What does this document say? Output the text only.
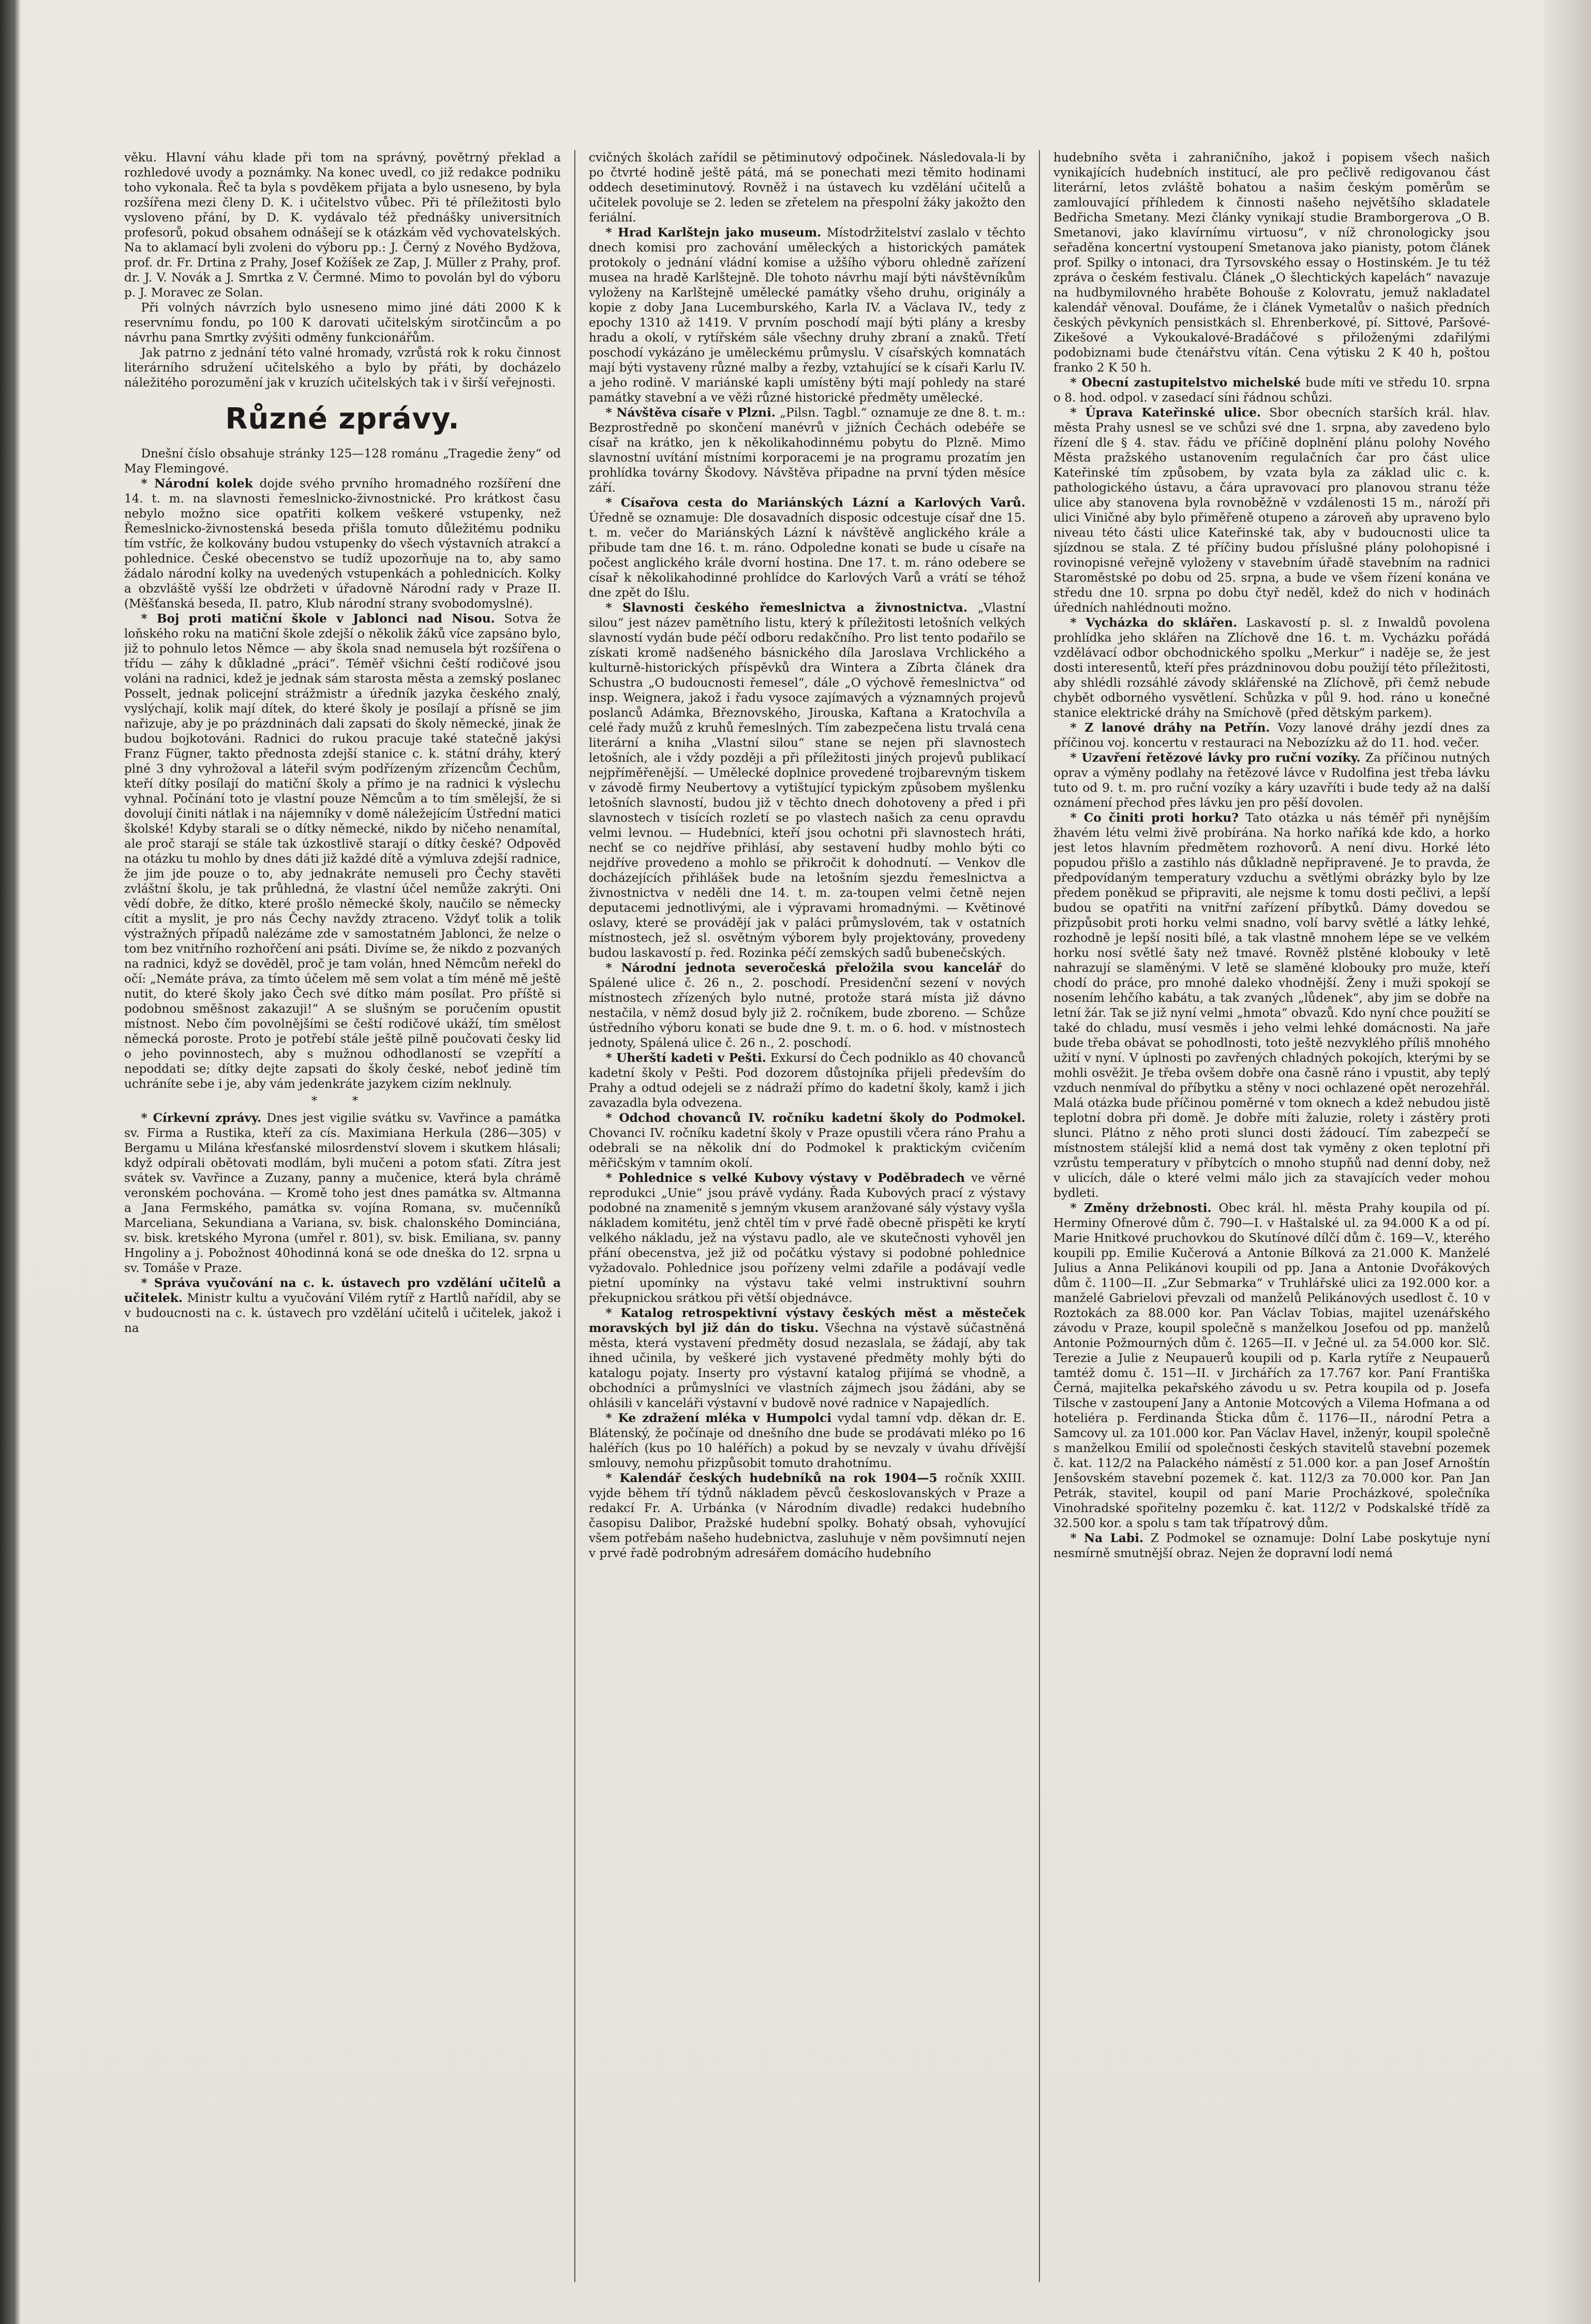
věku. Hlavní váhu klade při tom na správný, povětrný překlad a rozhledové uvody a poznámky. Na konec uvedl, co již redakce podniku toho vykonala. Řeč ta byla s povděkem přijata a bylo usneseno, by byla rozšířena mezi členy D. K. i učitelstvo vůbec. Při té příležitosti bylo vysloveno přání, by D. K. vydávalo též přednášky universitních profesorů, pokud obsahem odnášejí se k otázkám věd vychovatelských. Na to aklamací byli zvoleni do výboru pp.: J. Černý z Nového Bydžova, prof. dr. Fr. Drtina z Prahy, Josef Kožíšek ze Zap, J. Müller z Prahy, prof. dr. J. V. Novák a J. Smrtka z V. Čermné. Mimo to povolán byl do výboru p. J. Moravec ze Solan.

Při volných návrzích bylo usneseno mimo jiné dáti 2000 K k reservnímu fondu, po 100 K darovati učitelským sirotčincům a po návrhu pana Smrtky zvýšiti odměny funkcionářům.

Jak patrno z jednání této valné hromady, vzrůstá rok k roku činnost literárního sdružení učitelského a bylo by přáti, by docházelo náležitého porozumění jak v kruzích učitelských tak i v širší veřejnosti.

Různé zprávy.

Dnešní číslo obsahuje stránky 125—128 románu „Tragedie ženy“ od May Flemingové.

* Národní kolek dojde svého prvního hromadného rozšíření dne 14. t. m. na slavnosti řemeslnicko-živnostnické. Pro krátkost času nebylo možno sice opatřiti kolkem veškeré vstupenky, než Řemeslnicko-živnostenská beseda přišla tomuto důležitému podniku tím vstříc, že kolkovány budou vstupenky do všech výstavních atrakcí a pohlednice. České obecenstvo se tudíž upozorňuje na to, aby samo žádalo národní kolky na uvedených vstupenkách a pohlednicích. Kolky a obzvláště vyšší lze obdržeti v úřadovně Národní rady v Praze II. (Měšťanská beseda, II. patro, Klub národní strany svobodomyslné).

* Boj proti matiční škole v Jablonci nad Nisou. Sotva že loňského roku na matiční škole zdejší o několik žáků více zapsáno bylo, již to pohnulo letos Němce — aby škola snad nemusela být rozšířena o třídu — záhy k důkladné „práci“. Téměř všichni čeští rodičové jsou voláni na radnici, kdež je jednak sám starosta města a zemský poslanec Posselt, jednak policejní strážmistr a úředník jazyka českého znalý, vyslýchají, kolik mají dítek, do které školy je posílají a přísně se jim nařizuje, aby je po prázdninách dali zapsati do školy německé, jinak že budou bojkotováni. Radnici do rukou pracuje také statečně jakýsi Franz Fügner, takto přednosta zdejší stanice c. k. státní dráhy, který plné 3 dny vyhrožoval a láteřil svým podřízeným zřízencům Čechům, kteří dítky posílají do matiční školy a přímo je na radnici k výslechu vyhnal. Počínání toto je vlastní pouze Němcům a to tím smělejší, že si dovolují činiti nátlak i na nájemníky v domě náležejícím Ústřední matici školské! Kdyby starali se o dítky německé, nikdo by ničeho nenamítal, ale proč starají se stále tak úzkostlivě starají o dítky české? Odpověď na otázku tu mohlo by dnes dáti již každé dítě a výmluva zdejší radnice, že jim jde pouze o to, aby jednakráte nemuseli pro Čechy stavěti zvláštní školu, je tak průhledná, že vlastní účel nemůže zakrýti. Oni vědí dobře, že dítko, které prošlo německé školy, naučilo se německy cítit a myslit, je pro nás Čechy navždy ztraceno. Vždyť tolik a tolik výstražných případů nalézáme zde v samostatném Jablonci, že nelze o tom bez vnitřního rozhořčení ani psáti. Divíme se, že nikdo z pozvaných na radnici, když se dověděl, proč je tam volán, hned Němcům neřekl do očí: „Nemáte práva, za tímto účelem mě sem volat a tím méně mě ještě nutit, do které školy jako Čech své dítko mám posílat. Pro příště si podobnou směšnost zakazuji!“ A se slušným se poručením opustit místnost. Nebo čím povolnějšími se čeští rodičové ukáží, tím smělost německá poroste. Proto je potřebí stále ještě pilně poučovati česky lid o jeho povinnostech, aby s mužnou odhodlaností se vzepřítí a nepoddati se; dítky dejte zapsati do školy české, neboť jedině tím uchráníte sebe i je, aby vám jedenkráte jazykem cizím neklnuly.

* *

* Církevní zprávy. Dnes jest vigilie svátku sv. Vavřince a památka sv. Firma a Rustika, kteří za cís. Maximiana Herkula (286—305) v Bergamu u Milána křesťanské milosrdenství slovem i skutkem hlásali; když odpírali obětovati modlám, byli mučeni a potom sťati. Zítra jest svátek sv. Vavřince a Zuzany, panny a mučenice, která byla chrámě veronském pochována. — Kromě toho jest dnes památka sv. Altmanna a Jana Fermského, památka sv. vojína Romana, sv. mučenníků Marceliana, Sekundiana a Variana, sv. bisk. chalonského Dominciána, sv. bisk. kretského Myrona (umřel r. 801), sv. bisk. Emiliana, sv. panny Hngoliny a j. Pobožnost 40hodinná koná se ode dneška do 12. srpna u sv. Tomáše v Praze.

* Správa vyučování na c. k. ústavech pro vzdělání učitelů a učitelek. Ministr kultu a vyučování Vilém rytíř z Hartlů nařídil, aby se v budoucnosti na c. k. ústavech pro vzdělání učitelů i učitelek, jakož i na

cvičných školách zařídil se pětiminutový odpočinek. Následovala-li by po čtvrté hodině ještě pátá, má se ponechati mezi těmito hodinami oddech desetiminutový. Rovněž i na ústavech ku vzdělání učitelů a učitelek povoluje se 2. leden se zřetelem na přespolní žáky jakožto den feriální.

* Hrad Karlštejn jako museum. Místodržitelství zaslalo v těchto dnech komisi pro zachování uměleckých a historických památek protokoly o jednání vládní komise a užšího výboru ohledně zařízení musea na hradě Karlštejně. Dle tohoto návrhu mají býti návštěvníkům vyloženy na Karlštejně umělecké památky všeho druhu, originály a kopie z doby Jana Lucemburského, Karla IV. a Václava IV., tedy z epochy 1310 až 1419. V prvním poschodí mají býti plány a kresby hradu a okolí, v rytířském sále všechny druhy zbraní a znaků. Třetí poschodí vykázáno je uměleckému průmyslu. V císařských komnatách mají býti vystaveny různé malby a řezby, vztahující se k císaři Karlu IV. a jeho rodině. V mariánské kapli umístěny býti mají pohledy na staré památky stavební a ve věži různé historické předměty umělecké.

* Návštěva císaře v Plzni. „Pilsn. Tagbl.“ oznamuje ze dne 8. t. m.: Bezprostředně po skončení manévrů v jižních Čechách odebéře se císař na krátko, jen k několikahodinnému pobytu do Plzně. Mimo slavnostní uvítání místními korporacemi je na programu prozatím jen prohlídka továrny Škodovy. Návštěva připadne na první týden měsíce září.

* Císařova cesta do Mariánských Lázní a Karlových Varů. Úředně se oznamuje: Dle dosavadních disposic odcestuje císař dne 15. t. m. večer do Mariánských Lázní k návštěvě anglického krále a přibude tam dne 16. t. m. ráno. Odpoledne konati se bude u císaře na počest anglického krále dvorní hostina. Dne 17. t. m. ráno odebere se císař k několikahodinné prohlídce do Karlových Varů a vrátí se téhož dne zpět do Išlu.

* Slavnosti českého řemeslnictva a živnostnictva. „Vlastní silou“ jest název pamětního listu, který k příležitosti letošních velkých slavností vydán bude péčí odboru redakčního. Pro list tento podařilo se získati kromě nadšeného básnického díla Jaroslava Vrchlického a kulturně-historických příspěvků dra Wintera a Zíbrta článek dra Schustra „O budoucnosti řemesel“, dále „O výchově řemeslnictva“ od insp. Weignera, jakož i řadu vysoce zajímavých a významných projevů poslanců Adámka, Březnovského, Jirouska, Kaftana a Kratochvíla a celé řady mužů z kruhů řemeslných. Tím zabezpečena listu trvalá cena literární a kniha „Vlastní silou“ stane se nejen při slavnostech letošních, ale i vždy později a při příležitosti jiných projevů publikací nejpříměřenější. — Umělecké doplnice provedené trojbarevným tiskem v závodě firmy Neubertovy a vytištující typickým způsobem myšlenku letošních slavností, budou již v těchto dnech dohotoveny a před i při slavnostech v tisících rozletí se po vlastech našich za cenu opravdu velmi levnou. — Hudebníci, kteří jsou ochotni při slavnostech hráti, nechť se co nejdříve přihlásí, aby sestavení hudby mohlo býti co nejdříve provedeno a mohlo se přikročit k dohodnutí. — Venkov dle docházejících přihlášek bude na letošním sjezdu řemeslnictva a živnostnictva v neděli dne 14. t. m. za-toupen velmi četně nejen deputacemi jednotlivými, ale i výpravami hromadnými. — Květinové oslavy, které se provádějí jak v paláci průmyslovém, tak v ostatních místnostech, jež sl. osvětným výborem byly projektovány, provedeny budou laskavostí p. řed. Rozinka péčí zemských sadů bubenečských.

* Národní jednota severočeská přeložila svou kancelář do Spálené ulice č. 26 n., 2. poschodí. Presidenční sezení v nových místnostech zřízených bylo nutné, protože stará místa již dávno nestačila, v němž dosud byly již 2. ročníkem, bude zboreno. — Schůze ústředního výboru konati se bude dne 9. t. m. o 6. hod. v místnostech jednoty, Spálená ulice č. 26 n., 2. poschodí.

* Uherští kadeti v Pešti. Exkursí do Čech podniklo as 40 chovanců kadetní školy v Pešti. Pod dozorem důstojníka přijeli především do Prahy a odtud odejeli se z nádraží přímo do kadetní školy, kamž i jich zavazadla byla odvezena.

* Odchod chovanců IV. ročníku kadetní školy do Podmokel. Chovanci IV. ročníku kadetní školy v Praze opustili včera ráno Prahu a odebrali se na několik dní do Podmokel k praktickým cvičením měřičským v tamním okolí.

* Pohlednice s velké Kubovy výstavy v Poděbradech ve věrné reprodukci „Unie“ jsou právě vydány. Řada Kubových prací z výstavy podobné na znamenitě s jemným vkusem aranžované sály výstavy vyšla nákladem komitétu, jenž chtěl tím v prvé řadě obecně přispěti ke krytí velkého nákladu, jež na výstavu padlo, ale ve skutečnosti vyhověl jen přání obecenstva, jež již od počátku výstavy si podobné pohlednice vyžadovalo. Pohlednice jsou pořízeny velmi zdařile a podávají vedle pietní upomínky na výstavu také velmi instruktivní souhrn překupnickou srátkou při větší objednávce.

* Katalog retrospektivní výstavy českých měst a městeček moravských byl již dán do tisku. Všechna na výstavě súčastněná města, která vystavení předměty dosud nezaslala, se žádají, aby tak ihned učinila, by veškeré jich vystavené předměty mohly býti do katalogu pojaty. Inserty pro výstavní katalog přijímá se vhodně, a obchodníci a průmyslníci ve vlastních zájmech jsou žádáni, aby se ohlásili v kanceláři výstavní v budově nové radnice v Napajedlích.

* Ke zdražení mléka v Humpolci vydal tamní vdp. děkan dr. E. Blátenský, že počínaje od dnešního dne bude se prodávati mléko po 16 haléřích (kus po 10 haléřích) a pokud by se nevzaly v úvahu dřívější smlouvy, nemohu přizpůsobit tomuto drahotnímu.

* Kalendář českých hudebníků na rok 1904—5 ročník XXIII. vyjde během tří týdnů nákladem pěvců českoslovanských v Praze a redakcí Fr. A. Urbánka (v Národním divadle) redakci hudebního časopisu Dalibor, Pražské hudební spolky. Bohatý obsah, vyhovující všem potřebám našeho hudebnictva, zasluhuje v něm povšimnutí nejen v prvé řadě podrobným adresářem domácího hudebního

hudebního světa i zahraničního, jakož i popisem všech našich vynikajících hudebních institucí, ale pro pečlivě redigovanou část literární, letos zvláště bohatou a našim českým poměrům se zamlouvající příhledem k činnosti našeho největšího skladatele Bedřicha Smetany. Mezi články vynikají studie Bramborgerova „O B. Smetanovi, jako klavírnímu virtuosu“, v níž chronologicky jsou seřaděna koncertní vystoupení Smetanova jako pianisty, potom článek prof. Spilky o intonaci, dra Tyrsovského essay o Hostinském. Je tu též zpráva o českém festivalu. Článek „O šlechtických kapelách“ navazuje na hudbymilovného hraběte Bohouše z Kolovratu, jemuž nakladatel kalendář věnoval. Doufáme, že i článek Vymetalův o našich předních českých pěvkyních pensistkách sl. Ehrenberkové, pí. Sittové, Paršové-Zikešové a Vykoukalové-Bradáčové s přiloženými zdařilými podobiznami bude čtenářstvu vítán. Cena výtisku 2 K 40 h, poštou franko 2 K 50 h.

* Obecní zastupitelstvo michelské bude míti ve středu 10. srpna o 8. hod. odpol. v zasedací síni řádnou schůzi.

* Úprava Kateřinské ulice. Sbor obecních starších král. hlav. města Prahy usnesl se ve schůzi své dne 1. srpna, aby zavedeno bylo řízení dle § 4. stav. řádu ve příčině doplnění plánu polohy Nového Města pražského ustanovením regulačních čar pro část ulice Kateřinské tím způsobem, by vzata byla za základ ulic c. k. pathologického ústavu, a čára upravovací pro planovou stranu téže ulice aby stanovena byla rovnoběžně v vzdálenosti 15 m., nároží při ulici Viničné aby bylo přiměřeně otupeno a zároveň aby upraveno bylo niveau této části ulice Kateřinské tak, aby v budoucnosti ulice ta sjízdnou se stala. Z té příčiny budou příslušné plány polohopisné i rovinopisné veřejně vyloženy v stavebním úřadě stavebním na radnici Staroměstské po dobu od 25. srpna, a bude ve všem řízení konána ve středu dne 10. srpna po dobu čtyř neděl, kdež do nich v hodinách úředních nahlédnouti možno.

* Vycházka do sklářen. Laskavostí p. sl. z Inwaldů povolena prohlídka jeho sklářen na Zlíchově dne 16. t. m. Vycházku pořádá vzdělávací odbor obchodnického spolku „Merkur“ i naděje se, že jest dosti interesentů, kteří přes prázdninovou dobu použijí této příležitosti, aby shlédli rozsáhlé závody sklářenské na Zlíchově, při čemž nebude chybět odborného vysvětlení. Schůzka v půl 9. hod. ráno u konečné stanice elektrické dráhy na Smíchově (před dětským parkem).

* Z lanové dráhy na Petřín. Vozy lanové dráhy jezdí dnes za příčinou voj. koncertu v restauraci na Nebozízku až do 11. hod. večer.

* Uzavření řetězové lávky pro ruční vozíky. Za příčinou nutných oprav a výměny podlahy na řetězové lávce v Rudolfina jest třeba lávku tuto od 9. t. m. pro ruční vozíky a káry uzavříti i bude tedy až na další oznámení přechod přes lávku jen pro pěší dovolen.

* Co činiti proti horku? Tato otázka u nás téměř při nynějším žhavém létu velmi živě probírána. Na horko naříká kde kdo, a horko jest letos hlavním předmětem rozhovorů. A není divu. Horké léto popudou přišlo a zastihlo nás důkladně nepřipravené. Je to pravda, že předpovídaným temperatury vzduchu a světlými obrázky bylo by lze předem poněkud se připraviti, ale nejsme k tomu dosti pečlivi, a lepší budou se opatřiti na vnitřní zařízení příbytků. Dámy dovedou se přizpůsobit proti horku velmi snadno, volí barvy světlé a látky lehké, rozhodně je lepší nositi bílé, a tak vlastně mnohem lépe se ve velkém horku nosí světlé šaty než tmavé. Rovněž plstěné klobouky v letě nahrazují se slaměnými. V letě se slaměné klobouky pro muže, kteří chodí do práce, pro mnohé daleko vhodnější. Ženy i muži spokojí se nosením lehčího kabátu, a tak zvaných „lůdenek“, aby jim se dobře na letní žár. Tak se již nyní velmi „hmota“ obvazů. Kdo nyní chce použití se také do chladu, musí vesměs i jeho velmi lehké domácnosti. Na jaře bude třeba obávat se pohodlnosti, toto ještě nezvyklého příliš mnohého užití v nyní. V úplnosti po zavřených chladných pokojích, kterými by se mohli osvěžit. Je třeba ovšem dobře ona časně ráno i vpustit, aby teplý vzduch nenmíval do příbytku a stěny v noci ochlazené opět nerozehřál. Malá otázka bude příčinou poměrné v tom oknech a kdež nebudou jistě teplotní dobra při domě. Je dobře míti žaluzie, rolety i zástěry proti slunci. Plátno z něho proti slunci dosti žádoucí. Tím zabezpečí se místnostem stálejší klid a nemá dost tak vyměny z oken teplotní při vzrůstu temperatury v příbytcích o mnoho stupňů nad denní doby, než v ulicích, dále o které velmi málo jich za stavajících veder mohou bydleti.

* Změny držebnosti. Obec král. hl. města Prahy koupila od pí. Herminy Ofnerové dům č. 790—I. v Haštalské ul. za 94.000 K a od pí. Marie Hnitkové pruchovkou do Skutínové dílčí dům č. 169—V., kterého koupili pp. Emilie Kučerová a Antonie Bílková za 21.000 K. Manželé Julius a Anna Pelikánovi koupili od pp. Jana a Antonie Dvořákových dům č. 1100—II. „Zur Sebmarka“ v Truhlářské ulici za 192.000 kor. a manželé Gabrielovi převzali od manželů Pelikánových usedlost č. 10 v Roztokách za 88.000 kor. Pan Václav Tobias, majitel uzenářského závodu v Praze, koupil společně s manželkou Josefou od pp. manželů Antonie Požmourných dům č. 1265—II. v Ječné ul. za 54.000 kor. Slč. Terezie a Julie z Neupauerů koupili od p. Karla rytíře z Neupauerů tamtéž domu č. 151—II. v Jirchářích za 17.767 kor. Paní Františka Černá, majitelka pekařského závodu u sv. Petra koupila od p. Josefa Tilsche v zastoupení Jany a Antonie Motcových a Vilema Hofmana a od hoteliéra p. Ferdinanda Šticka dům č. 1176—II., národní Petra a Samcovy ul. za 101.000 kor. Pan Václav Havel, inženýr, koupil společně s manželkou Emilií od společnosti českých stavitelů stavební pozemek č. kat. 112/2 na Palackého náměstí z 51.000 kor. a pan Josef Arnoštín Jenšovském stavební pozemek č. kat. 112/3 za 70.000 kor. Pan Jan Petrák, stavitel, koupil od paní Marie Procházkové, společníka Vinohradské spořitelny pozemku č. kat. 112/2 v Podskalské třídě za 32.500 kor. a spolu s tam tak třípatrový dům.

* Na Labi. Z Podmokel se oznamuje: Dolní Labe poskytuje nyní nesmírně smutnější obraz. Nejen že dopravní lodí nemá
